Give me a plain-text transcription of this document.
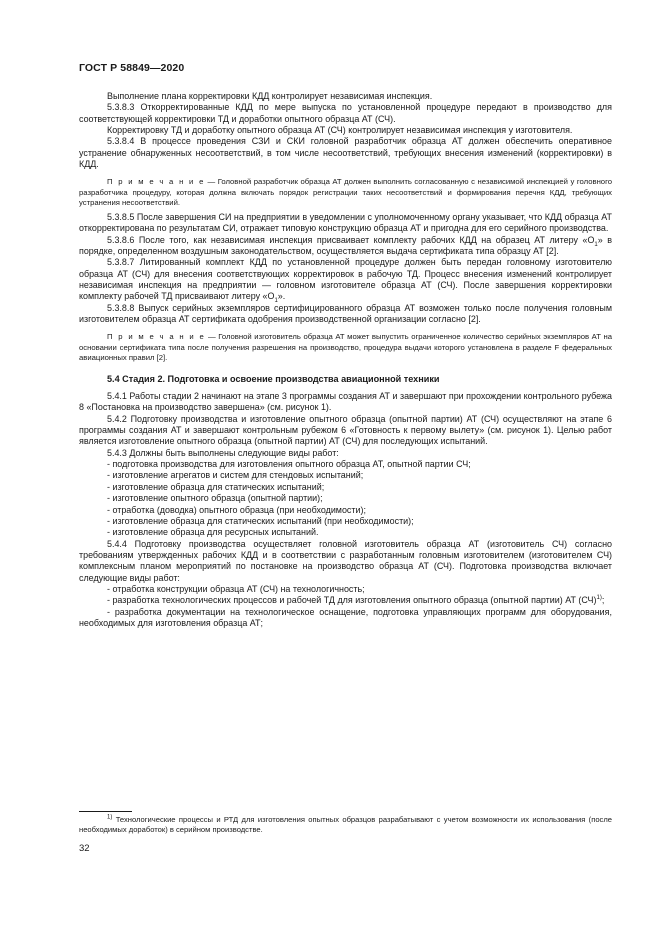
ГОСТ Р 58849—2020

Выполнение плана корректировки КДД контролирует независимая инспекция.

5.3.8.3 Откорректированные КДД по мере выпуска по установленной процедуре передают в производство для соответствующей корректировки ТД и доработки опытного образца АТ (СЧ).

Корректировку ТД и доработку опытного образца АТ (СЧ) контролирует независимая инспекция у изготовителя.

5.3.8.4 В процессе проведения СЗИ и СКИ головной разработчик образца АТ должен обеспечить оперативное устранение обнаруженных несоответствий, в том числе несоответствий, требующих внесения изменений (корректировки) в КДД.

П р и м е ч а н и е — Головной разработчик образца АТ должен выполнить согласованную с независимой инспекцией у головного разработчика процедуру, которая должна включать порядок регистрации таких несоответствий и формирования перечня КДД, требующих устранения несоответствий.

5.3.8.5 После завершения СИ на предприятии в уведомлении с уполномоченному органу указывает, что КДД образца АТ откорректирована по результатам СИ, отражает типовую конструкцию образца АТ и пригодна для его серийного производства.

5.3.8.6 После того, как независимая инспекция присваивает комплекту рабочих КДД на образец АТ литеру «$О_1$» в порядке, определенном воздушным законодательством, осуществляется выдача сертификата типа образцу АТ [2].

5.3.8.7 Литированный комплект КДД по установленной процедуре должен быть передан головному изготовителю образца АТ (СЧ) для внесения соответствующих корректировок в рабочую ТД. Процесс внесения изменений контролирует независимая инспекция на предприятии — головном изготовителе образца АТ (СЧ). После завершения корректировки комплекту рабочей ТД присваивают литеру «$О_1$».

5.3.8.8 Выпуск серийных экземпляров сертифицированного образца АТ возможен только после получения головным изготовителем образца АТ сертификата одобрения производственной организации согласно [2].

П р и м е ч а н и е — Головной изготовитель образца АТ может выпустить ограниченное количество серийных экземпляров АТ на основании сертификата типа после получения разрешения на производство, процедура выдачи которого установлена в разделе F федеральных авиационных правил [2].

5.4 Стадия 2. Подготовка и освоение производства авиационной техники

5.4.1 Работы стадии 2 начинают на этапе 3 программы создания АТ и завершают при прохождении контрольного рубежа 8 «Постановка на производство завершена» (см. рисунок 1).

5.4.2 Подготовку производства и изготовление опытного образца (опытной партии) АТ (СЧ) осуществляют на этапе 6 программы создания АТ и завершают контрольным рубежом 6 «Готовность к первому вылету» (см. рисунок 1). Целью работ является изготовление опытного образца (опытной партии) АТ (СЧ) для последующих испытаний.

5.4.3 Должны быть выполнены следующие виды работ:

- подготовка производства для изготовления опытного образца АТ, опытной партии СЧ;

- изготовление агрегатов и систем для стендовых испытаний;

- изготовление образца для статических испытаний;

- изготовление опытного образца (опытной партии);

- отработка (доводка) опытного образца (при необходимости);

- изготовление образца для статических испытаний (при необходимости);

- изготовление образца для ресурсных испытаний.

5.4.4 Подготовку производства осуществляет головной изготовитель образца АТ (изготовитель СЧ) согласно требованиям утвержденных рабочих КДД и в соответствии с разработанным головным изготовителем (изготовителем СЧ) комплексным планом мероприятий по постановке на производство образца АТ (СЧ). Подготовка производства включает следующие виды работ:

- отработка конструкции образца АТ (СЧ) на технологичность;

- разработка технологических процессов и рабочей ТД для изготовления опытного образца (опытной партии) АТ (СЧ)$^{1)}$;

- разработка документации на технологическое оснащение, подготовка управляющих программ для оборудования, необходимых для изготовления образца АТ;

$^{1)}$ Технологические процессы и РТД для изготовления опытных образцов разрабатывают с учетом возможности их использования (после необходимых доработок) в серийном производстве.

32
